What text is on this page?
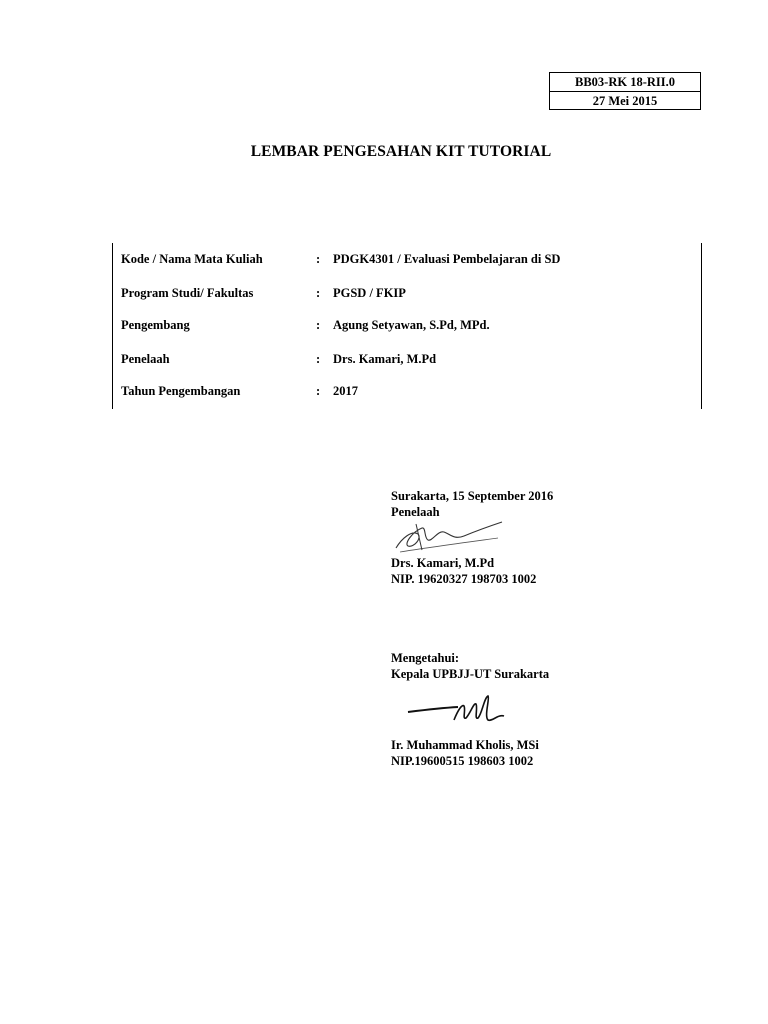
BB03-RK 18-RII.0
27 Mei 2015
LEMBAR PENGESAHAN KIT TUTORIAL
Kode / Nama Mata Kuliah	: PDGK4301 / Evaluasi Pembelajaran di SD
Program Studi/ Fakultas	: PGSD / FKIP
Pengembang	: Agung Setyawan, S.Pd, MPd.
Penelaah	: Drs. Kamari, M.Pd
Tahun Pengembangan	: 2017
Surakarta, 15 September 2016
Penelaah
Drs. Kamari, M.Pd
NIP. 19620327 198703 1002
Mengetahui:
Kepala UPBJJ-UT Surakarta
Ir. Muhammad Kholis, MSi
NIP.19600515 198603 1002
